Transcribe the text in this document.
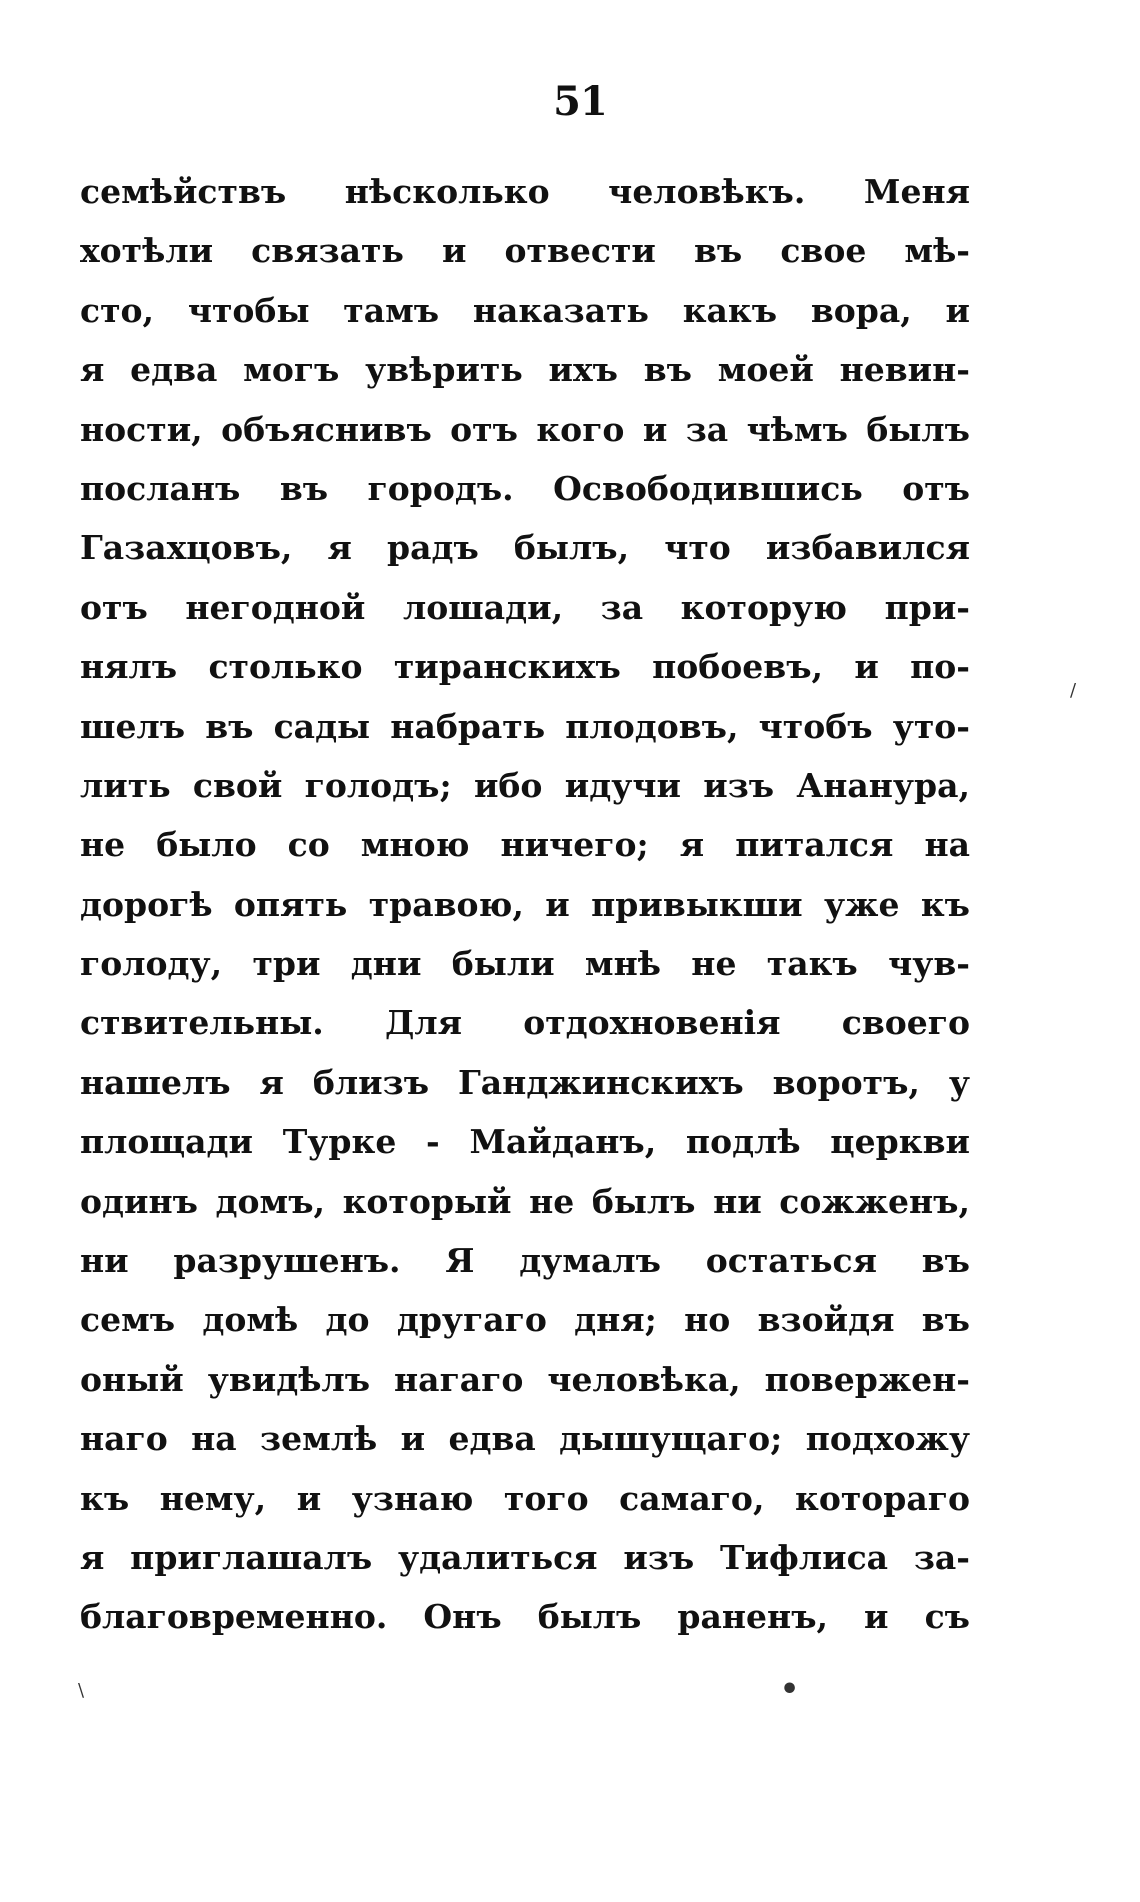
51
семѣйствъ нѣсколько человѣкъ. Меня
хотѣли связать и отвести въ свое мѣ-
сто, чтобы тамъ наказать какъ вора, и
я едва могъ увѣрить ихъ въ моей невин-
ности, объяснивъ отъ кого и за чѣмъ былъ
посланъ въ городъ. Освободившись отъ
Газахцовъ, я радъ былъ, что избавился
отъ негодной лошади, за которую при-
нялъ столько тиранскихъ побоевъ, и по-
шелъ въ сады набрать плодовъ, чтобъ уто-
лить свой голодъ; ибо идучи изъ Ананура,
не было со мною ничего; я питался на
дорогѣ опять травою, и привыкши уже къ
голоду, три дни были мнѣ не такъ чув-
ствительны. Для отдохновенія своего
нашелъ я близъ Ганджинскихъ воротъ, у
площади Турке - Майданъ, подлѣ церкви
одинъ домъ, который не былъ ни сожженъ,
ни разрушенъ. Я думалъ остаться въ
семъ домѣ до другаго дня; но взойдя въ
оный увидѣлъ нагаго человѣка, повержен-
наго на землѣ и едва дышущаго; подхожу
къ нему, и узнаю того самаго, котораго
я приглашалъ удалиться изъ Тифлиса за-
благовременно. Онъ былъ раненъ, и съ
•
\
/
